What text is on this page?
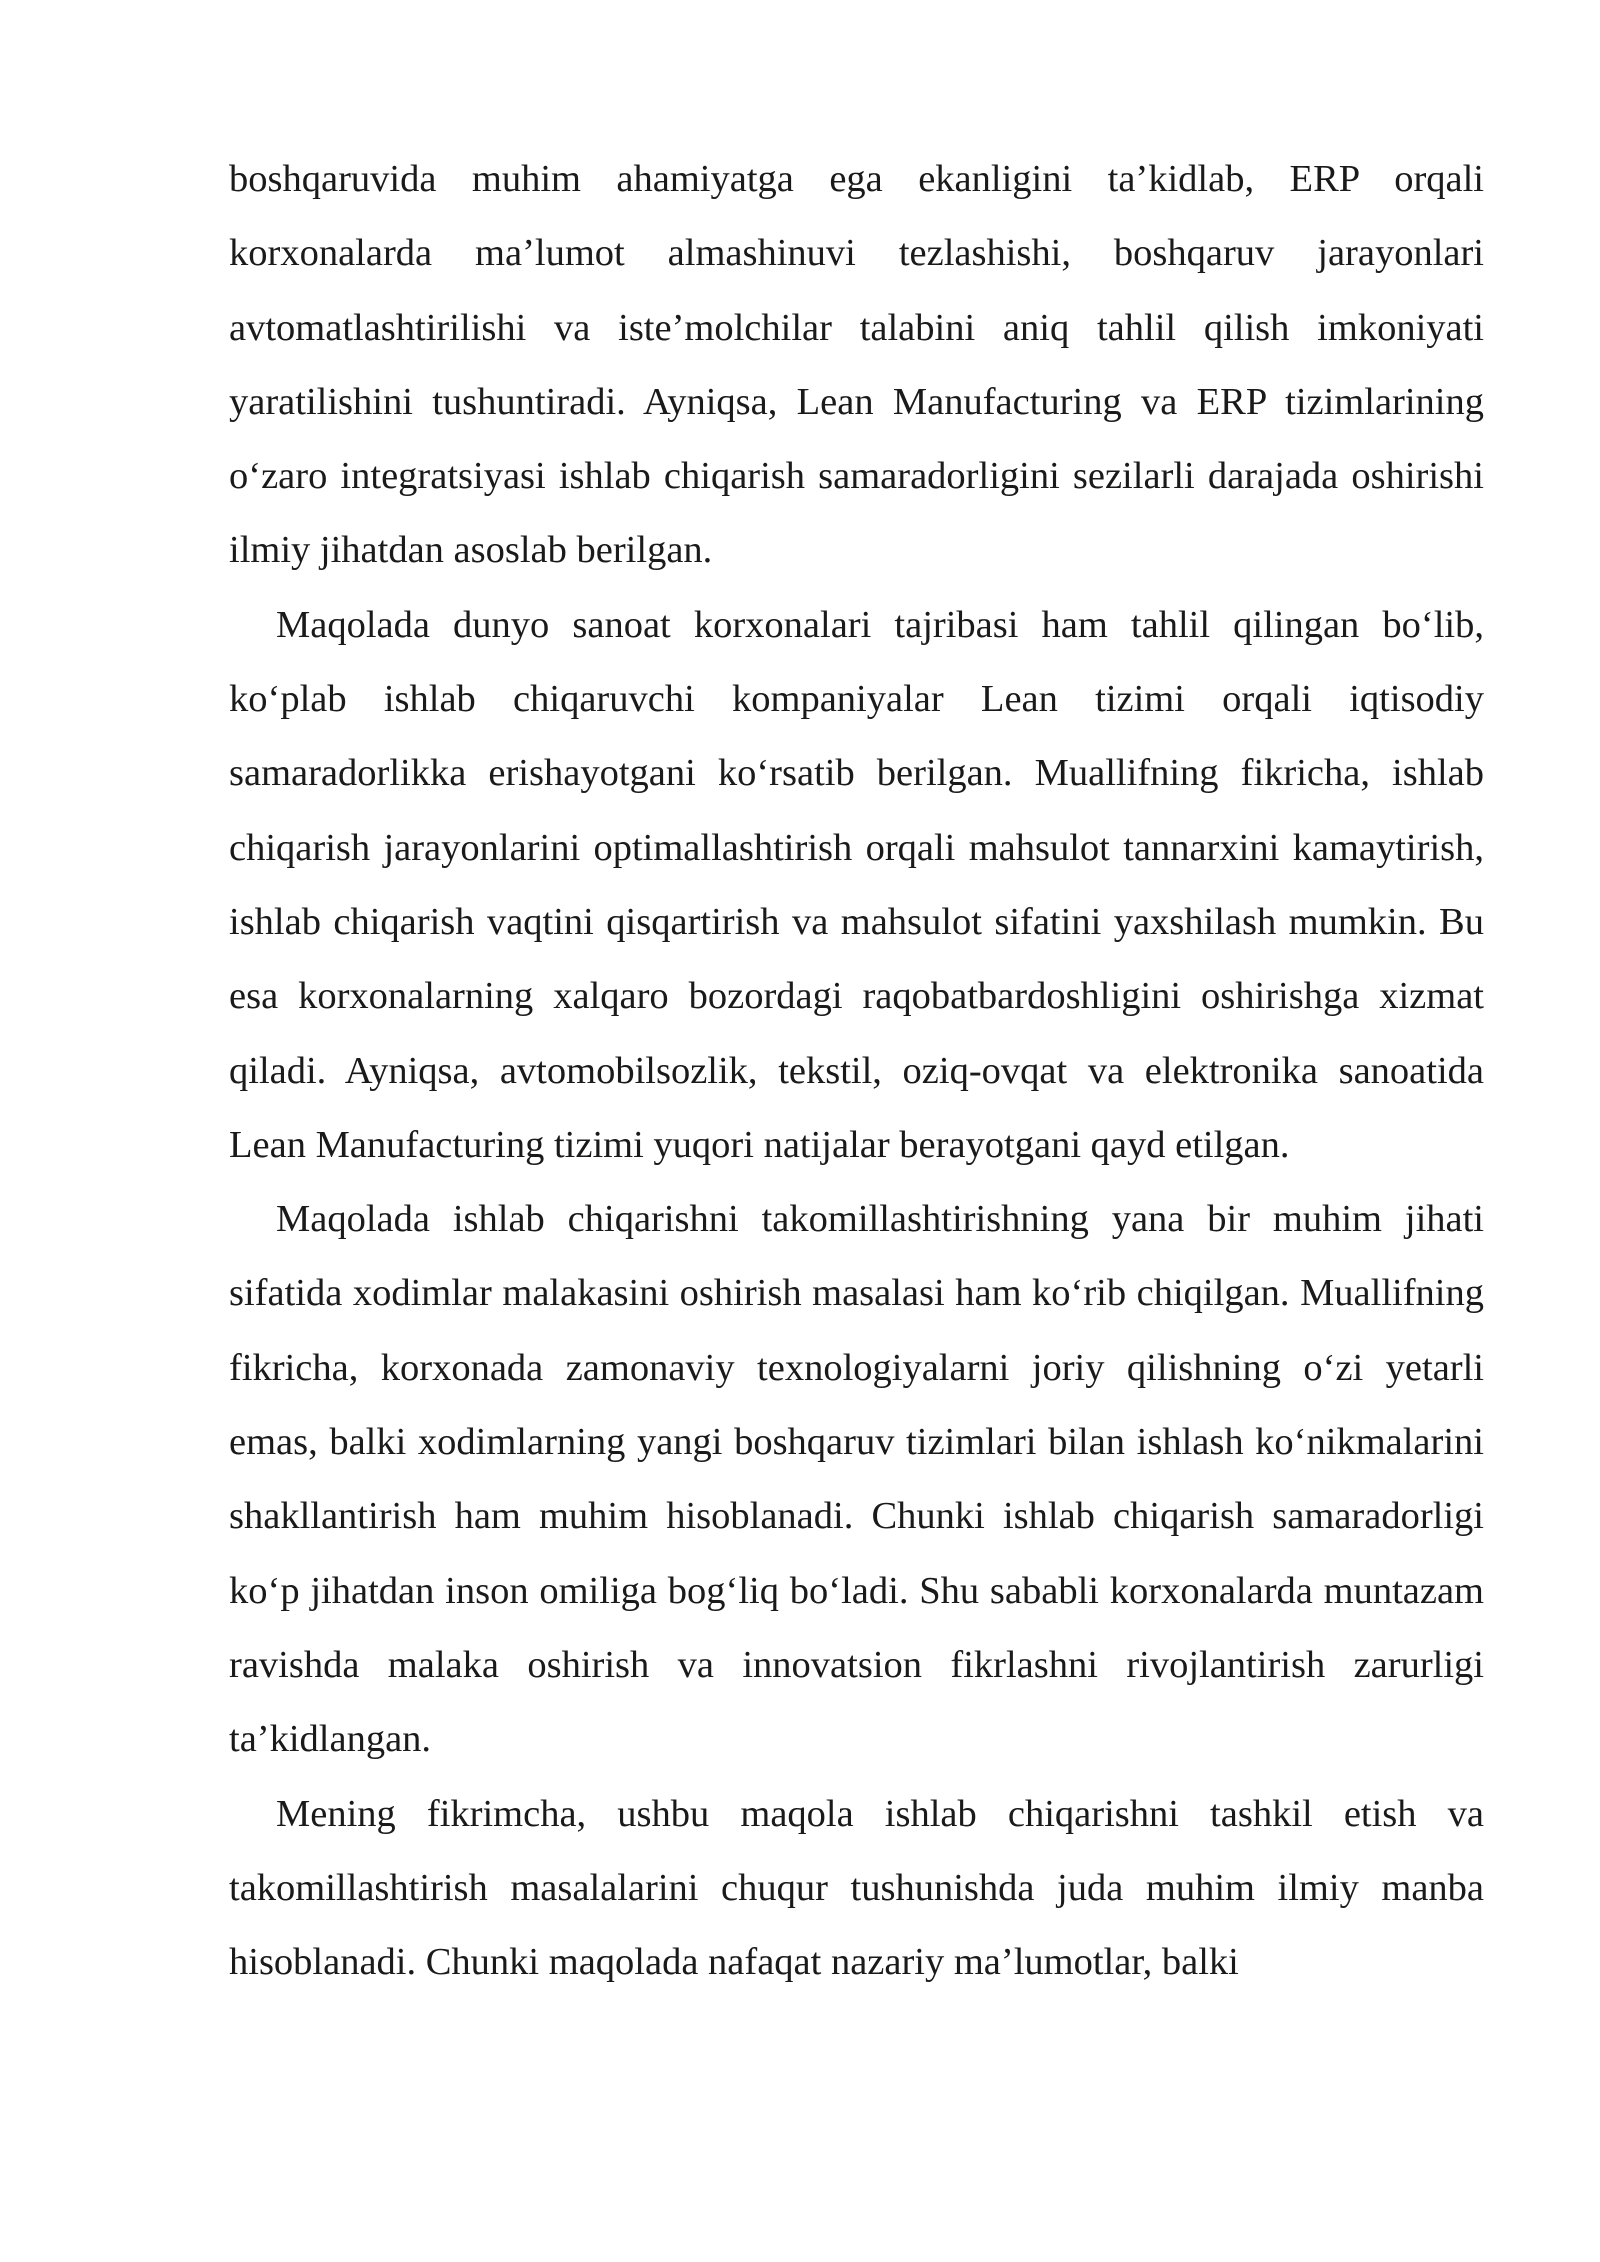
boshqaruvida muhim ahamiyatga ega ekanligini ta’kidlab, ERP orqali korxonalarda ma’lumot almashinuvi tezlashishi, boshqaruv jarayonlari avtomatlashtirilishi va iste’molchilar talabini aniq tahlil qilish imkoniyati yaratilishini tushuntiradi. Ayniqsa, Lean Manufacturing va ERP tizimlarining o‘zaro integratsiyasi ishlab chiqarish samaradorligini sezilarli darajada oshirishi ilmiy jihatdan asoslab berilgan.

Maqolada dunyo sanoat korxonalari tajribasi ham tahlil qilingan bo‘lib, ko‘plab ishlab chiqaruvchi kompaniyalar Lean tizimi orqali iqtisodiy samaradorlikka erishayotgani ko‘rsatib berilgan. Muallifning fikricha, ishlab chiqarish jarayonlarini optimallashtirish orqali mahsulot tannarxini kamaytirish, ishlab chiqarish vaqtini qisqartirish va mahsulot sifatini yaxshilash mumkin. Bu esa korxonalarning xalqaro bozordagi raqobatbardoshligini oshirishga xizmat qiladi. Ayniqsa, avtomobilsozlik, tekstil, oziq-ovqat va elektronika sanoatida Lean Manufacturing tizimi yuqori natijalar berayotgani qayd etilgan.

Maqolada ishlab chiqarishni takomillashtirishning yana bir muhim jihati sifatida xodimlar malakasini oshirish masalasi ham ko‘rib chiqilgan. Muallifning fikricha, korxonada zamonaviy texnologiyalarni joriy qilishning o‘zi yetarli emas, balki xodimlarning yangi boshqaruv tizimlari bilan ishlash ko‘nikmalarini shakllantirish ham muhim hisoblanadi. Chunki ishlab chiqarish samaradorligi ko‘p jihatdan inson omiliga bog‘liq bo‘ladi. Shu sababli korxonalarda muntazam ravishda malaka oshirish va innovatsion fikrlashni rivojlantirish zarurligi ta’kidlangan.

Mening fikrimcha, ushbu maqola ishlab chiqarishni tashkil etish va takomillashtirish masalalarini chuqur tushunishda juda muhim ilmiy manba hisoblanadi. Chunki maqolada nafaqat nazariy ma’lumotlar, balki
